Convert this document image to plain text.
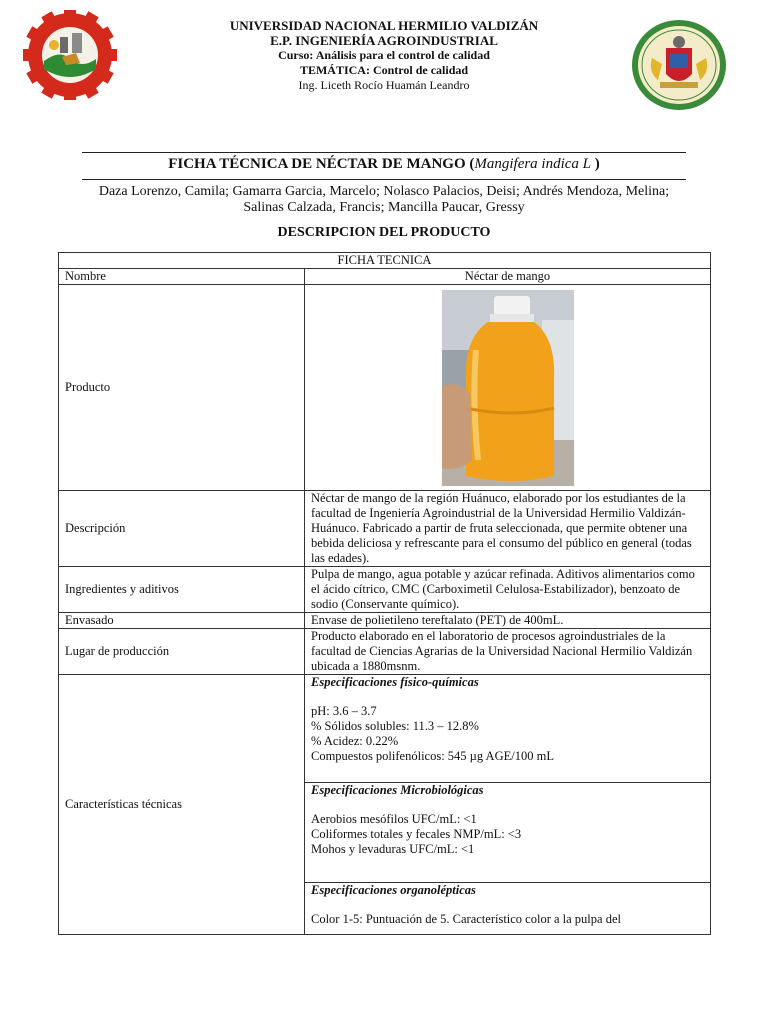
UNIVERSIDAD NACIONAL HERMILIO VALDIZÁN
E.P. INGENIERÍA AGROINDUSTRIAL
Curso: Análisis para el control de calidad
TEMÁTICA: Control de calidad
Ing. Liceth Rocío Huamán Leandro
FICHA TÉCNICA DE NÉCTAR DE MANGO (Mangifera indica L )
Daza Lorenzo, Camila; Gamarra Garcia, Marcelo; Nolasco Palacios, Deisi; Andrés Mendoza, Melina; Salinas Calzada, Francis; Mancilla Paucar, Gressy
DESCRIPCION DEL PRODUCTO
FICHA TECNICA	
Nombre	Néctar de mango
Producto	

Descripción	Néctar de mango de la región Huánuco, elaborado por los estudiantes de la facultad de Ingeniería Agroindustrial de la Universidad Hermilio Valdizán-Huánuco. Fabricado a partir de fruta seleccionada, que permite obtener una bebida deliciosa y refrescante para el consumo del público en general (todas las edades).
Ingredientes y aditivos	Pulpa de mango, agua potable y azúcar refinada. Aditivos alimentarios como el ácido cítrico, CMC (Carboximetil Celulosa-Estabilizador), benzoato de sodio (Conservante químico).
Envasado	Envase de polietileno tereftalato (PET) de 400mL.
Lugar de producción	Producto elaborado en el laboratorio de procesos agroindustriales de la facultad de Ciencias Agrarias de la Universidad Nacional Hermilio Valdizán ubicada a 1880msnm.
Características técnicas	Especificaciones físico-químicas
pH: 3.6 – 3.7
% Sólidos solubles: 11.3 – 12.8%
% Acidez: 0.22%
Compuestos polifenólicos: 545 µg AGE/100 mL

	Especificaciones Microbiológicas
Aerobios mesófilos UFC/mL: <1
Coliformes totales y fecales NMP/mL: <3
Mohos y levaduras UFC/mL: <1

	Especificaciones organolépticas
Color 1-5: Puntuación de 5. Característico color a la pulpa del
